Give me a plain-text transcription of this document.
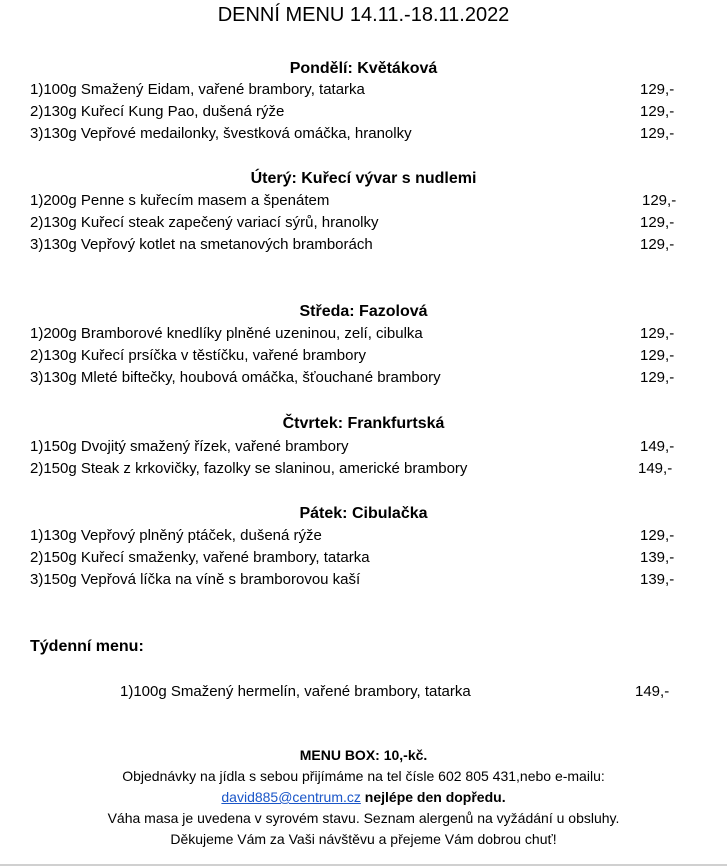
DENNÍ MENU 14.11.-18.11.2022
Pondělí: Květáková
1)100g Smažený Eidam, vařené brambory, tatarka	129,-
2)130g Kuřecí Kung Pao, dušená rýže	129,-
3)130g Vepřové medailonky, švestková omáčka, hranolky	129,-
Úterý: Kuřecí vývar s nudlemi
1)200g Penne s kuřecím masem a špenátem	129,-
2)130g Kuřecí steak zapečený variací sýrů, hranolky	129,-
3)130g Vepřový kotlet na smetanových bramborách	129,-
Středa: Fazolová
1)200g Bramborové knedlíky plněné uzeninou, zelí, cibulka	129,-
2)130g Kuřecí prsíčka v těstíčku, vařené brambory	129,-
3)130g Mleté biftečky, houbová omáčka, šťouchané brambory	129,-
Čtvrtek: Frankfurtská
1)150g Dvojitý smažený řízek, vařené brambory	149,-
2)150g Steak z krkovičky, fazolky se slaninou, americké brambory	149,-
Pátek: Cibulačka
1)130g Vepřový plněný ptáček, dušená rýže	129,-
2)150g Kuřecí smaženky, vařené brambory, tatarka	139,-
3)150g Vepřová líčka na víně s bramborovou kaší	139,-
Týdenní menu:
1)100g Smažený hermelín, vařené brambory, tatarka	149,-
MENU BOX: 10,-kč.
Objednávky na jídla s sebou přijímáme na tel čísle 602 805 431,nebo e-mailu:
david885@centrum.cz nejlépe den dopředu.
Váha masa je uvedena v syrovém stavu. Seznam alergenů na vyžádání u obsluhy.
Děkujeme Vám za Vaši návštěvu a přejeme Vám dobrou chuť!
